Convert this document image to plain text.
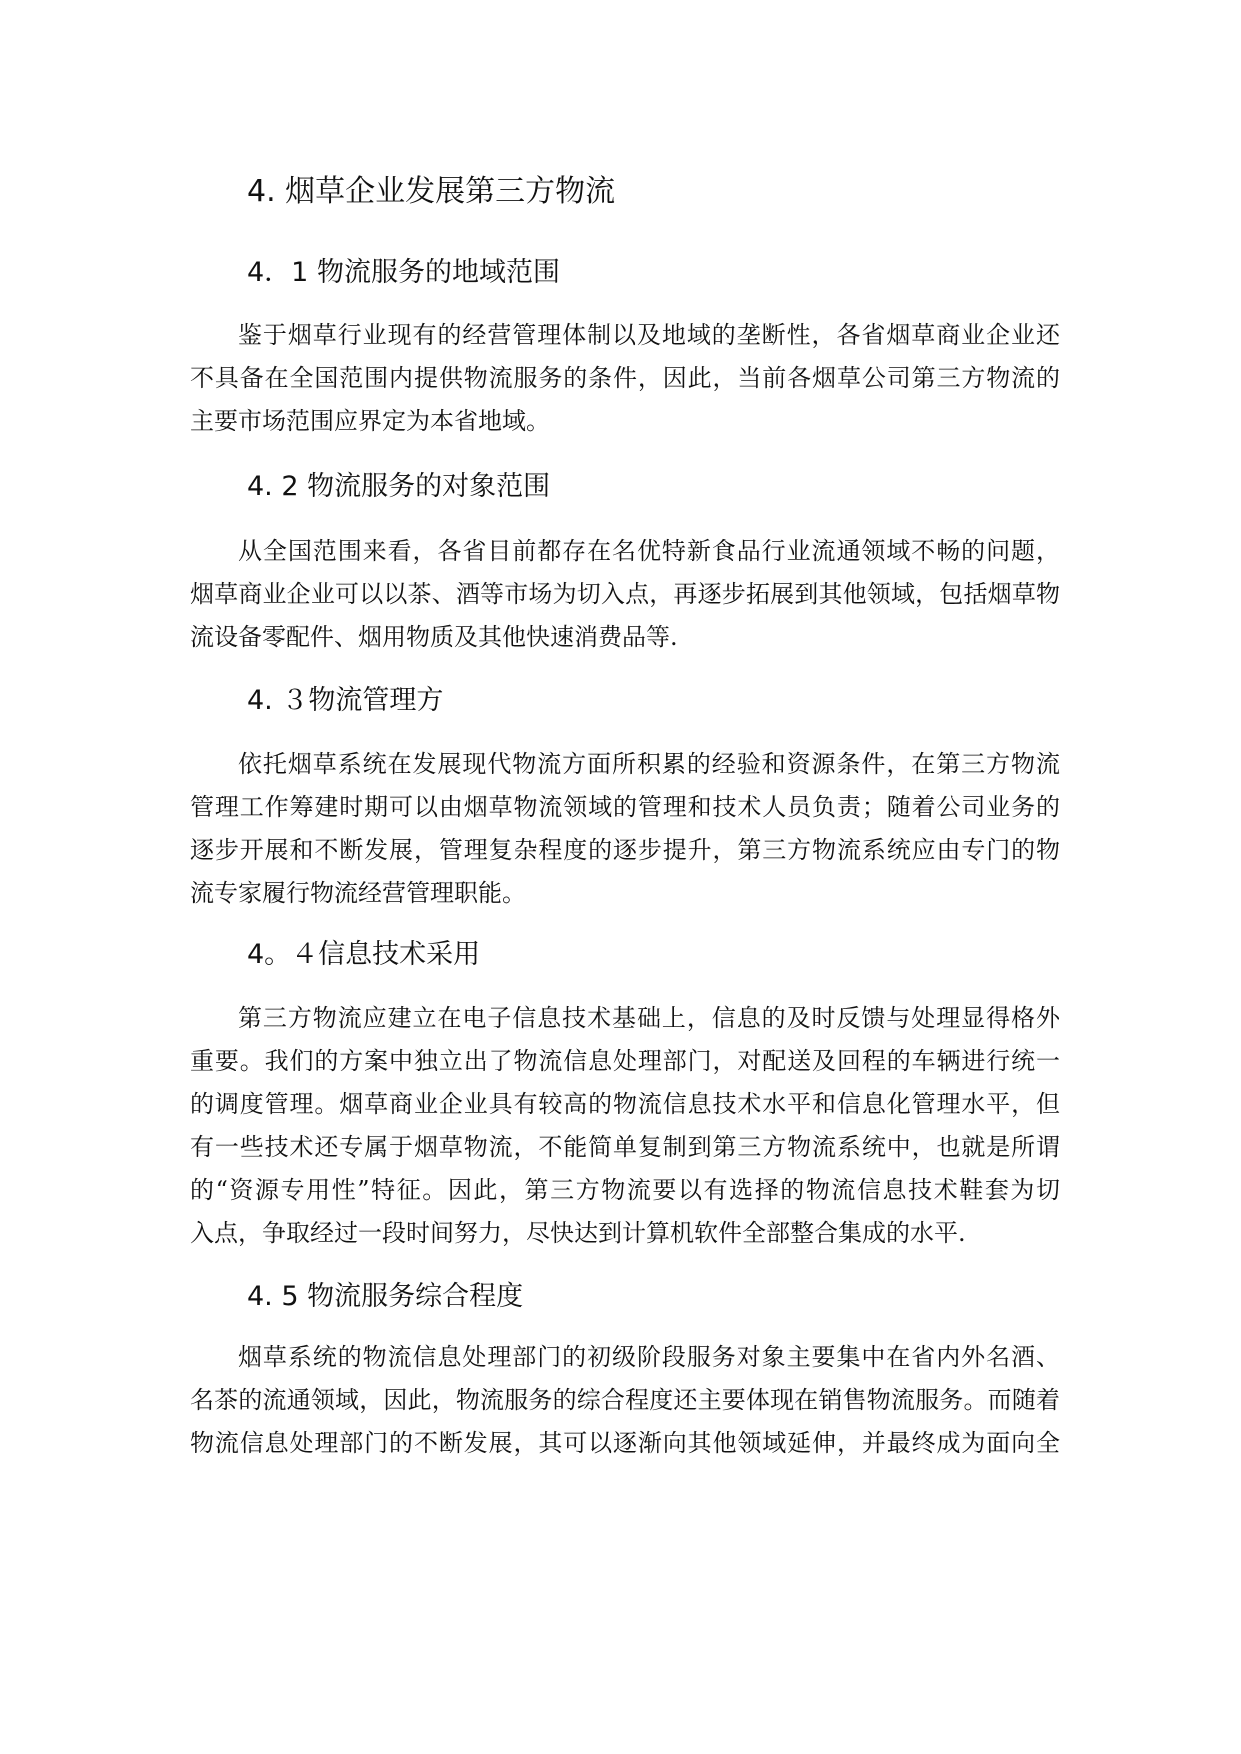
4. 烟草企业发展第三方物流
4．1 物流服务的地域范围
鉴于烟草行业现有的经营管理体制以及地域的垄断性，各省烟草商业企业还
不具备在全国范围内提供物流服务的条件，因此，当前各烟草公司第三方物流的
主要市场范围应界定为本省地域。
4. 2 物流服务的对象范围
从全国范围来看，各省目前都存在名优特新食品行业流通领域不畅的问题，
烟草商业企业可以以茶、酒等市场为切入点，再逐步拓展到其他领域，包括烟草物
流设备零配件、烟用物质及其他快速消费品等.
4. ３物流管理方
依托烟草系统在发展现代物流方面所积累的经验和资源条件，在第三方物流
管理工作筹建时期可以由烟草物流领域的管理和技术人员负责；随着公司业务的
逐步开展和不断发展，管理复杂程度的逐步提升，第三方物流系统应由专门的物
流专家履行物流经营管理职能。
4。４信息技术采用
第三方物流应建立在电子信息技术基础上，信息的及时反馈与处理显得格外
重要。我们的方案中独立出了物流信息处理部门，对配送及回程的车辆进行统一
的调度管理。烟草商业企业具有较高的物流信息技术水平和信息化管理水平，但
有一些技术还专属于烟草物流，不能简单复制到第三方物流系统中，也就是所谓
的“资源专用性”特征。因此，第三方物流要以有选择的物流信息技术鞋套为切
入点，争取经过一段时间努力，尽快达到计算机软件全部整合集成的水平.
4. 5 物流服务综合程度
烟草系统的物流信息处理部门的初级阶段服务对象主要集中在省内外名酒、
名茶的流通领域，因此，物流服务的综合程度还主要体现在销售物流服务。而随着
物流信息处理部门的不断发展，其可以逐渐向其他领域延伸，并最终成为面向全
